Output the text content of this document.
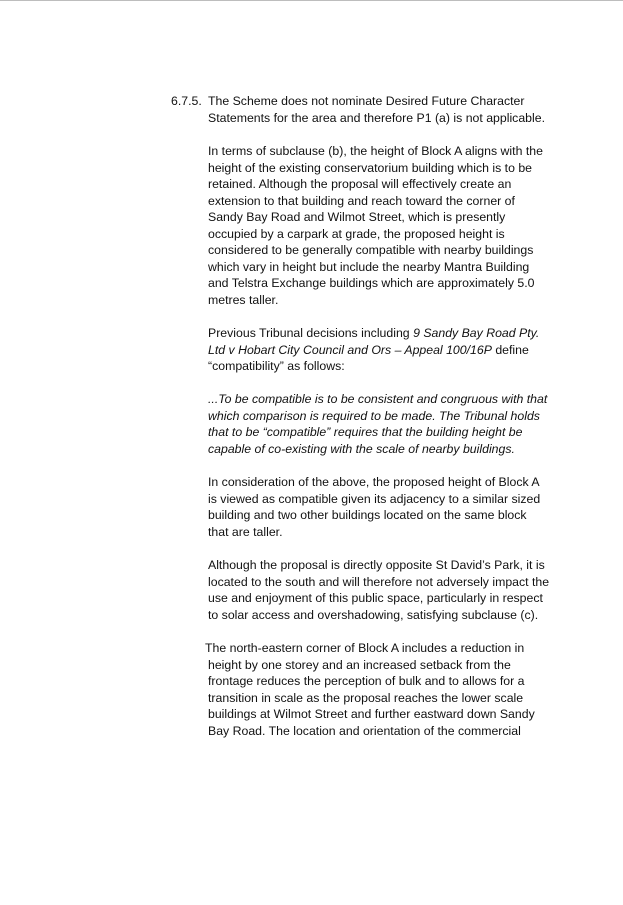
6.7.5. The Scheme does not nominate Desired Future Character
Statements for the area and therefore P1 (a) is not applicable.

In terms of subclause (b), the height of Block A aligns with the
height of the existing conservatorium building which is to be
retained. Although the proposal will effectively create an
extension to that building and reach toward the corner of
Sandy Bay Road and Wilmot Street, which is presently
occupied by a carpark at grade, the proposed height is
considered to be generally compatible with nearby buildings
which vary in height but include the nearby Mantra Building
and Telstra Exchange buildings which are approximately 5.0
metres taller.

Previous Tribunal decisions including 9 Sandy Bay Road Pty.
Ltd v Hobart City Council and Ors – Appeal 100/16P define
“compatibility” as follows:

...To be compatible is to be consistent and congruous with that
which comparison is required to be made. The Tribunal holds
that to be “compatible” requires that the building height be
capable of co-existing with the scale of nearby buildings.

In consideration of the above, the proposed height of Block A
is viewed as compatible given its adjacency to a similar sized
building and two other buildings located on the same block
that are taller.

Although the proposal is directly opposite St David’s Park, it is
located to the south and will therefore not adversely impact the
use and enjoyment of this public space, particularly in respect
to solar access and overshadowing, satisfying subclause (c).

The north-eastern corner of Block A includes a reduction in
height by one storey and an increased setback from the
frontage reduces the perception of bulk and to allows for a
transition in scale as the proposal reaches the lower scale
buildings at Wilmot Street and further eastward down Sandy
Bay Road. The location and orientation of the commercial
